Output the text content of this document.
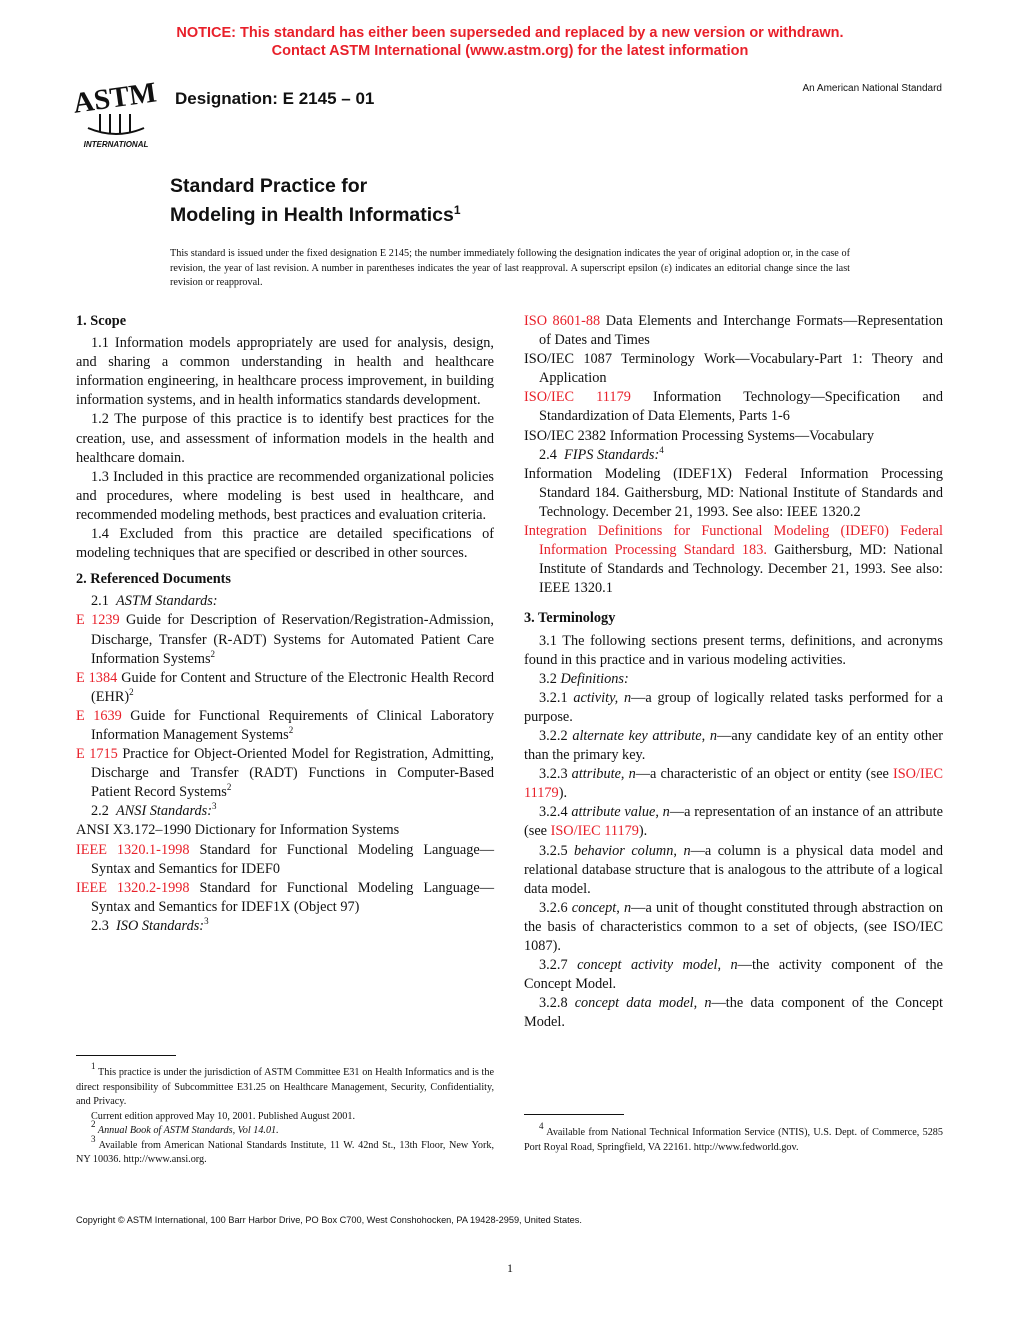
NOTICE: This standard has either been superseded and replaced by a new version or withdrawn.
Contact ASTM International (www.astm.org) for the latest information
ASTM
INTERNATIONAL
Designation: E 2145 – 01
An American National Standard
Standard Practice for
Modeling in Health Informatics$^1$
This standard is issued under the fixed designation E 2145; the number immediately following the designation indicates the year of original adoption or, in the case of revision, the year of last revision. A number in parentheses indicates the year of last reapproval. A superscript epsilon (ε) indicates an editorial change since the last revision or reapproval.

1. Scope

1.1 Information models appropriately are used for analysis, design, and sharing a common understanding in health and healthcare information engineering, in healthcare process improvement, in building information systems, and in health informatics standards development.

1.2 The purpose of this practice is to identify best practices for the creation, use, and assessment of information models in the health and healthcare domain.

1.3 Included in this practice are recommended organizational policies and procedures, where modeling is best used in healthcare, and recommended modeling methods, best practices and evaluation criteria.

1.4 Excluded from this practice are detailed specifications of modeling techniques that are specified or described in other sources.

2. Referenced Documents

2.1 ASTM Standards:

E 1239 Guide for Description of Reservation/Registration-Admission, Discharge, Transfer (R-ADT) Systems for Automated Patient Care Information Systems$^2$

E 1384 Guide for Content and Structure of the Electronic Health Record (EHR)$^2$

E 1639 Guide for Functional Requirements of Clinical Laboratory Information Management Systems$^2$

E 1715 Practice for Object-Oriented Model for Registration, Admitting, Discharge and Transfer (RADT) Functions in Computer-Based Patient Record Systems$^2$

2.2 ANSI Standards:$^3$

ANSI X3.172–1990 Dictionary for Information Systems

IEEE 1320.1-1998 Standard for Functional Modeling Language—Syntax and Semantics for IDEF0

IEEE 1320.2-1998 Standard for Functional Modeling Language—Syntax and Semantics for IDEF1X (Object 97)

2.3 ISO Standards:$^3$

$^1$ This practice is under the jurisdiction of ASTM Committee E31 on Health Informatics and is the direct responsibility of Subcommittee E31.25 on Healthcare Management, Security, Confidentiality, and Privacy.

Current edition approved May 10, 2001. Published August 2001.

$^2$ Annual Book of ASTM Standards, Vol 14.01.

$^3$ Available from American National Standards Institute, 11 W. 42nd St., 13th Floor, New York, NY 10036. http://www.ansi.org.

ISO 8601-88 Data Elements and Interchange Formats—Representation of Dates and Times

ISO/IEC 1087 Terminology Work—Vocabulary-Part 1: Theory and Application

ISO/IEC 11179 Information Technology—Specification and Standardization of Data Elements, Parts 1-6

ISO/IEC 2382 Information Processing Systems—Vocabulary

2.4 FIPS Standards:$^4$

Information Modeling (IDEF1X) Federal Information Processing Standard 184. Gaithersburg, MD: National Institute of Standards and Technology. December 21, 1993. See also: IEEE 1320.2

Integration Definitions for Functional Modeling (IDEF0) Federal Information Processing Standard 183. Gaithersburg, MD: National Institute of Standards and Technology. December 21, 1993. See also: IEEE 1320.1

3. Terminology

3.1 The following sections present terms, definitions, and acronyms found in this practice and in various modeling activities.

3.2 Definitions:

3.2.1 activity, n—a group of logically related tasks performed for a purpose.

3.2.2 alternate key attribute, n—any candidate key of an entity other than the primary key.

3.2.3 attribute, n—a characteristic of an object or entity (see ISO/IEC 11179).

3.2.4 attribute value, n—a representation of an instance of an attribute (see ISO/IEC 11179).

3.2.5 behavior column, n—a column is a physical data model and relational database structure that is analogous to the attribute of a logical data model.

3.2.6 concept, n—a unit of thought constituted through abstraction on the basis of characteristics common to a set of objects, (see ISO/IEC 1087).

3.2.7 concept activity model, n—the activity component of the Concept Model.

3.2.8 concept data model, n—the data component of the Concept Model.

$^4$ Available from National Technical Information Service (NTIS), U.S. Dept. of Commerce, 5285 Port Royal Road, Springfield, VA 22161. http://www.fedworld.gov.

Copyright © ASTM International, 100 Barr Harbor Drive, PO Box C700, West Conshohocken, PA 19428-2959, United States.
1
